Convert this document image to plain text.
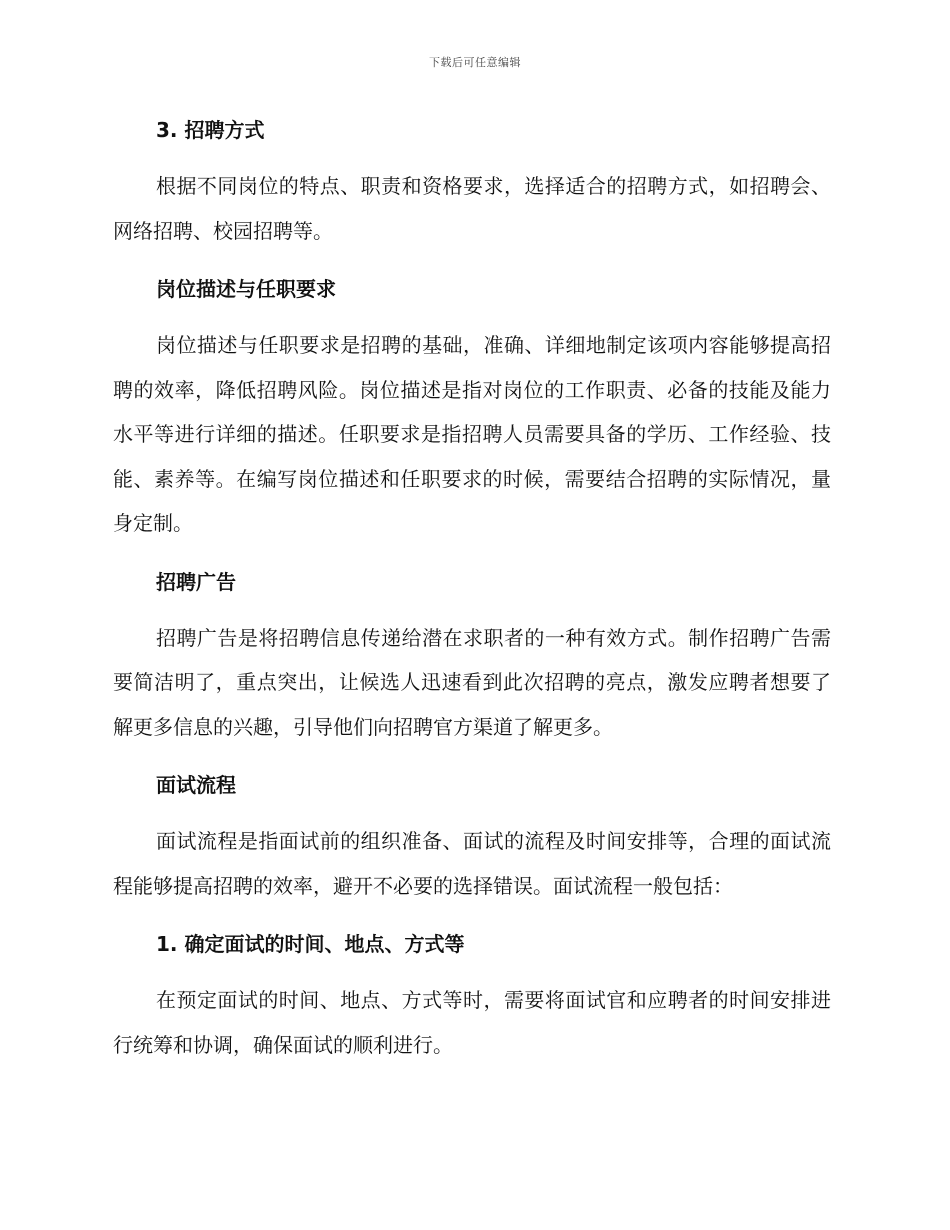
下载后可任意编辑
3. 招聘方式

根据不同岗位的特点、职责和资格要求，选择适合的招聘方式，如招聘会、网络招聘、校园招聘等。

岗位描述与任职要求

岗位描述与任职要求是招聘的基础，准确、详细地制定该项内容能够提高招聘的效率，降低招聘风险。岗位描述是指对岗位的工作职责、必备的技能及能力水平等进行详细的描述。任职要求是指招聘人员需要具备的学历、工作经验、技能、素养等。在编写岗位描述和任职要求的时候，需要结合招聘的实际情况，量身定制。

招聘广告

招聘广告是将招聘信息传递给潜在求职者的一种有效方式。制作招聘广告需要简洁明了，重点突出，让候选人迅速看到此次招聘的亮点，激发应聘者想要了解更多信息的兴趣，引导他们向招聘官方渠道了解更多。

面试流程

面试流程是指面试前的组织准备、面试的流程及时间安排等，合理的面试流程能够提高招聘的效率，避开不必要的选择错误。面试流程一般包括：

1. 确定面试的时间、地点、方式等

在预定面试的时间、地点、方式等时，需要将面试官和应聘者的时间安排进行统筹和协调，确保面试的顺利进行。
